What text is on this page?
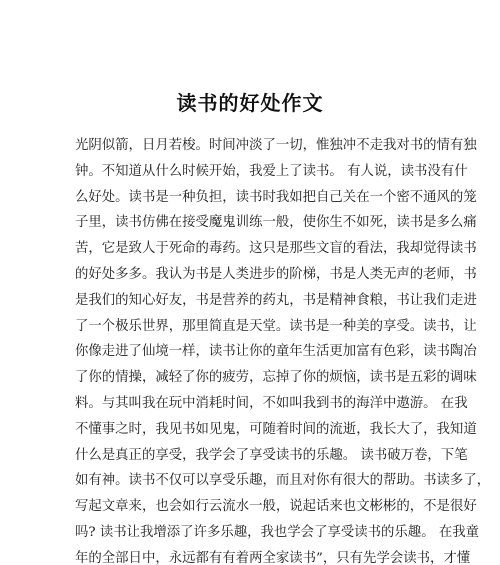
读书的好处作文
光阴似箭，日月若梭。时间冲淡了一切，惟独冲不走我对书的情有独
钟。不知道从什么时候开始，我爱上了读书。 有人说，读书没有什
么好处。读书是一种负担，读书时我如把自己关在一个密不通风的笼
子里，读书仿佛在接受魔鬼训练一般，使你生不如死，读书是多么痛
苦，它是致人于死命的毒药。这只是那些文盲的看法，我却觉得读书
的好处多多。我认为书是人类进步的阶梯，书是人类无声的老师，书
是我们的知心好友，书是营养的药丸，书是精神食粮，书让我们走进
了一个极乐世界，那里简直是天堂。读书是一种美的享受。读书，让
你像走进了仙境一样，读书让你的童年生活更加富有色彩，读书陶冶
了你的情操，减轻了你的疲劳，忘掉了你的烦恼，读书是五彩的调味
料。与其叫我在玩中消耗时间，不如叫我到书的海洋中遨游。 在我
不懂事之时，我见书如见鬼，可随着时间的流逝，我长大了，我知道
什么是真正的享受，我学会了享受读书的乐趣。 读书破万卷，下笔
如有神。读书不仅可以享受乐趣，而且对你有很大的帮助。书读多了，
写起文章来，也会如行云流水一般，说起话来也文彬彬的，不是很好
吗? 读书让我增添了许多乐趣，我也学会了享受读书的乐趣。 在我童
年的全部日中，永远都有有着两全家读书”，只有先学会读书，才懂
